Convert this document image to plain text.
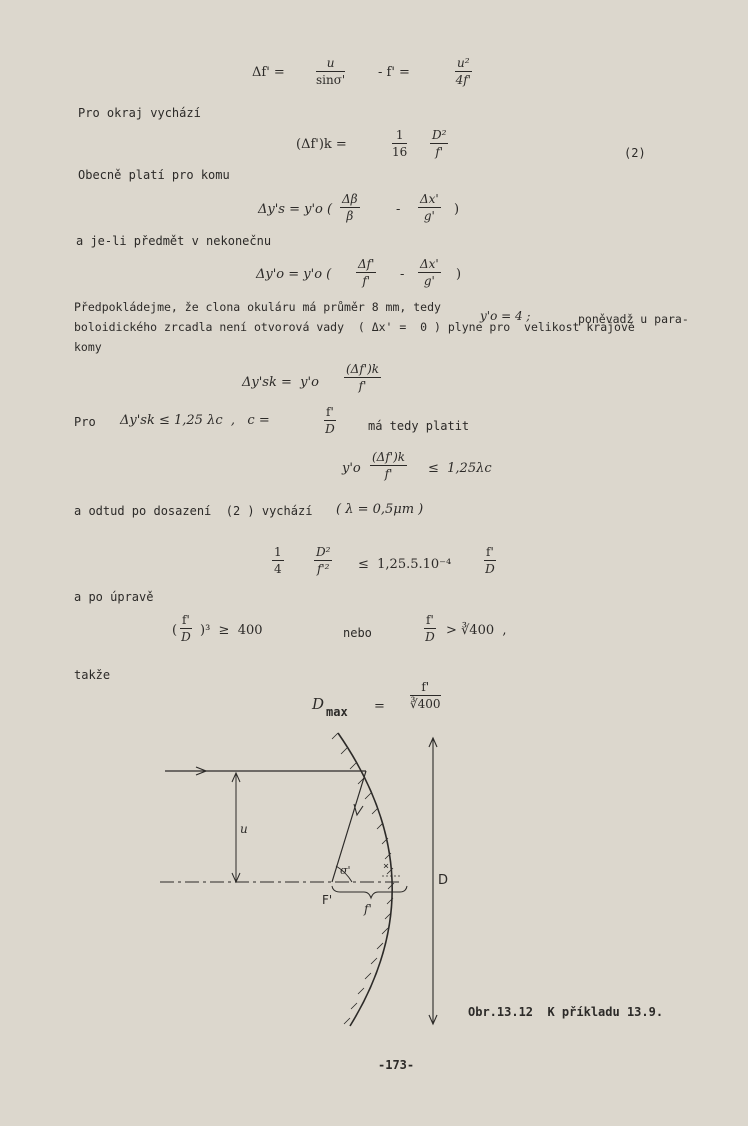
Δf' =	$\frac{u}{\sin\sigma'}$	- f' =	$\frac{\text{u²}}{4f'}$
Pro okraj vychází
(Δf')k =	$\frac{1}{16} \frac{\text{D²}}{f'}$	(2)
Obecně platí pro komu
Δy's = y'o ( $\frac{\Delta\beta}{\beta}$	- $\frac{\Delta x'}{g'}$ )
a je-li předmět v nekonečnu
Δy'o = y'o ( $\frac{\Delta f'}{f'} - \frac{\Delta x'}{g'}$ )
Předpokládejme, že clona okuláru má průměr 8 mm, tedy
y'o = 4 ;	poněvadž u para-
boloidického zrcadla není otvorová vady  ( Δx' =  0 ) plyne pro  velikost krajové
komy
$\Delta y'sk = y'o \frac{(\Delta f')k}{f'}$
Pro Δy'sk ≤ 1,25 λc  ,   c =	$\frac{f'}{D}$	má tedy platit
$y'o \frac{(\Delta f')k}{f'} \le 1,25\lambda c$
a odtud po dosazení  (2 ) vychází ( λ = 0,5μm )
$\frac{1}{4}$	$\frac{\text{D²}}{\text{f'²}} \le 1,25.5.10^{-4}$	$\frac{f'}{D}$
a po úpravě
( $\frac{f'}{D} )^3 \ge 400$	nebo	$\frac{f'}{D}$ > ∛400  ,
takže
D $\max = \frac{f'}{∛400}$
u
σ'	×
F'
f'
D
Obr.13.12  K příkladu 13.9.
-173-
